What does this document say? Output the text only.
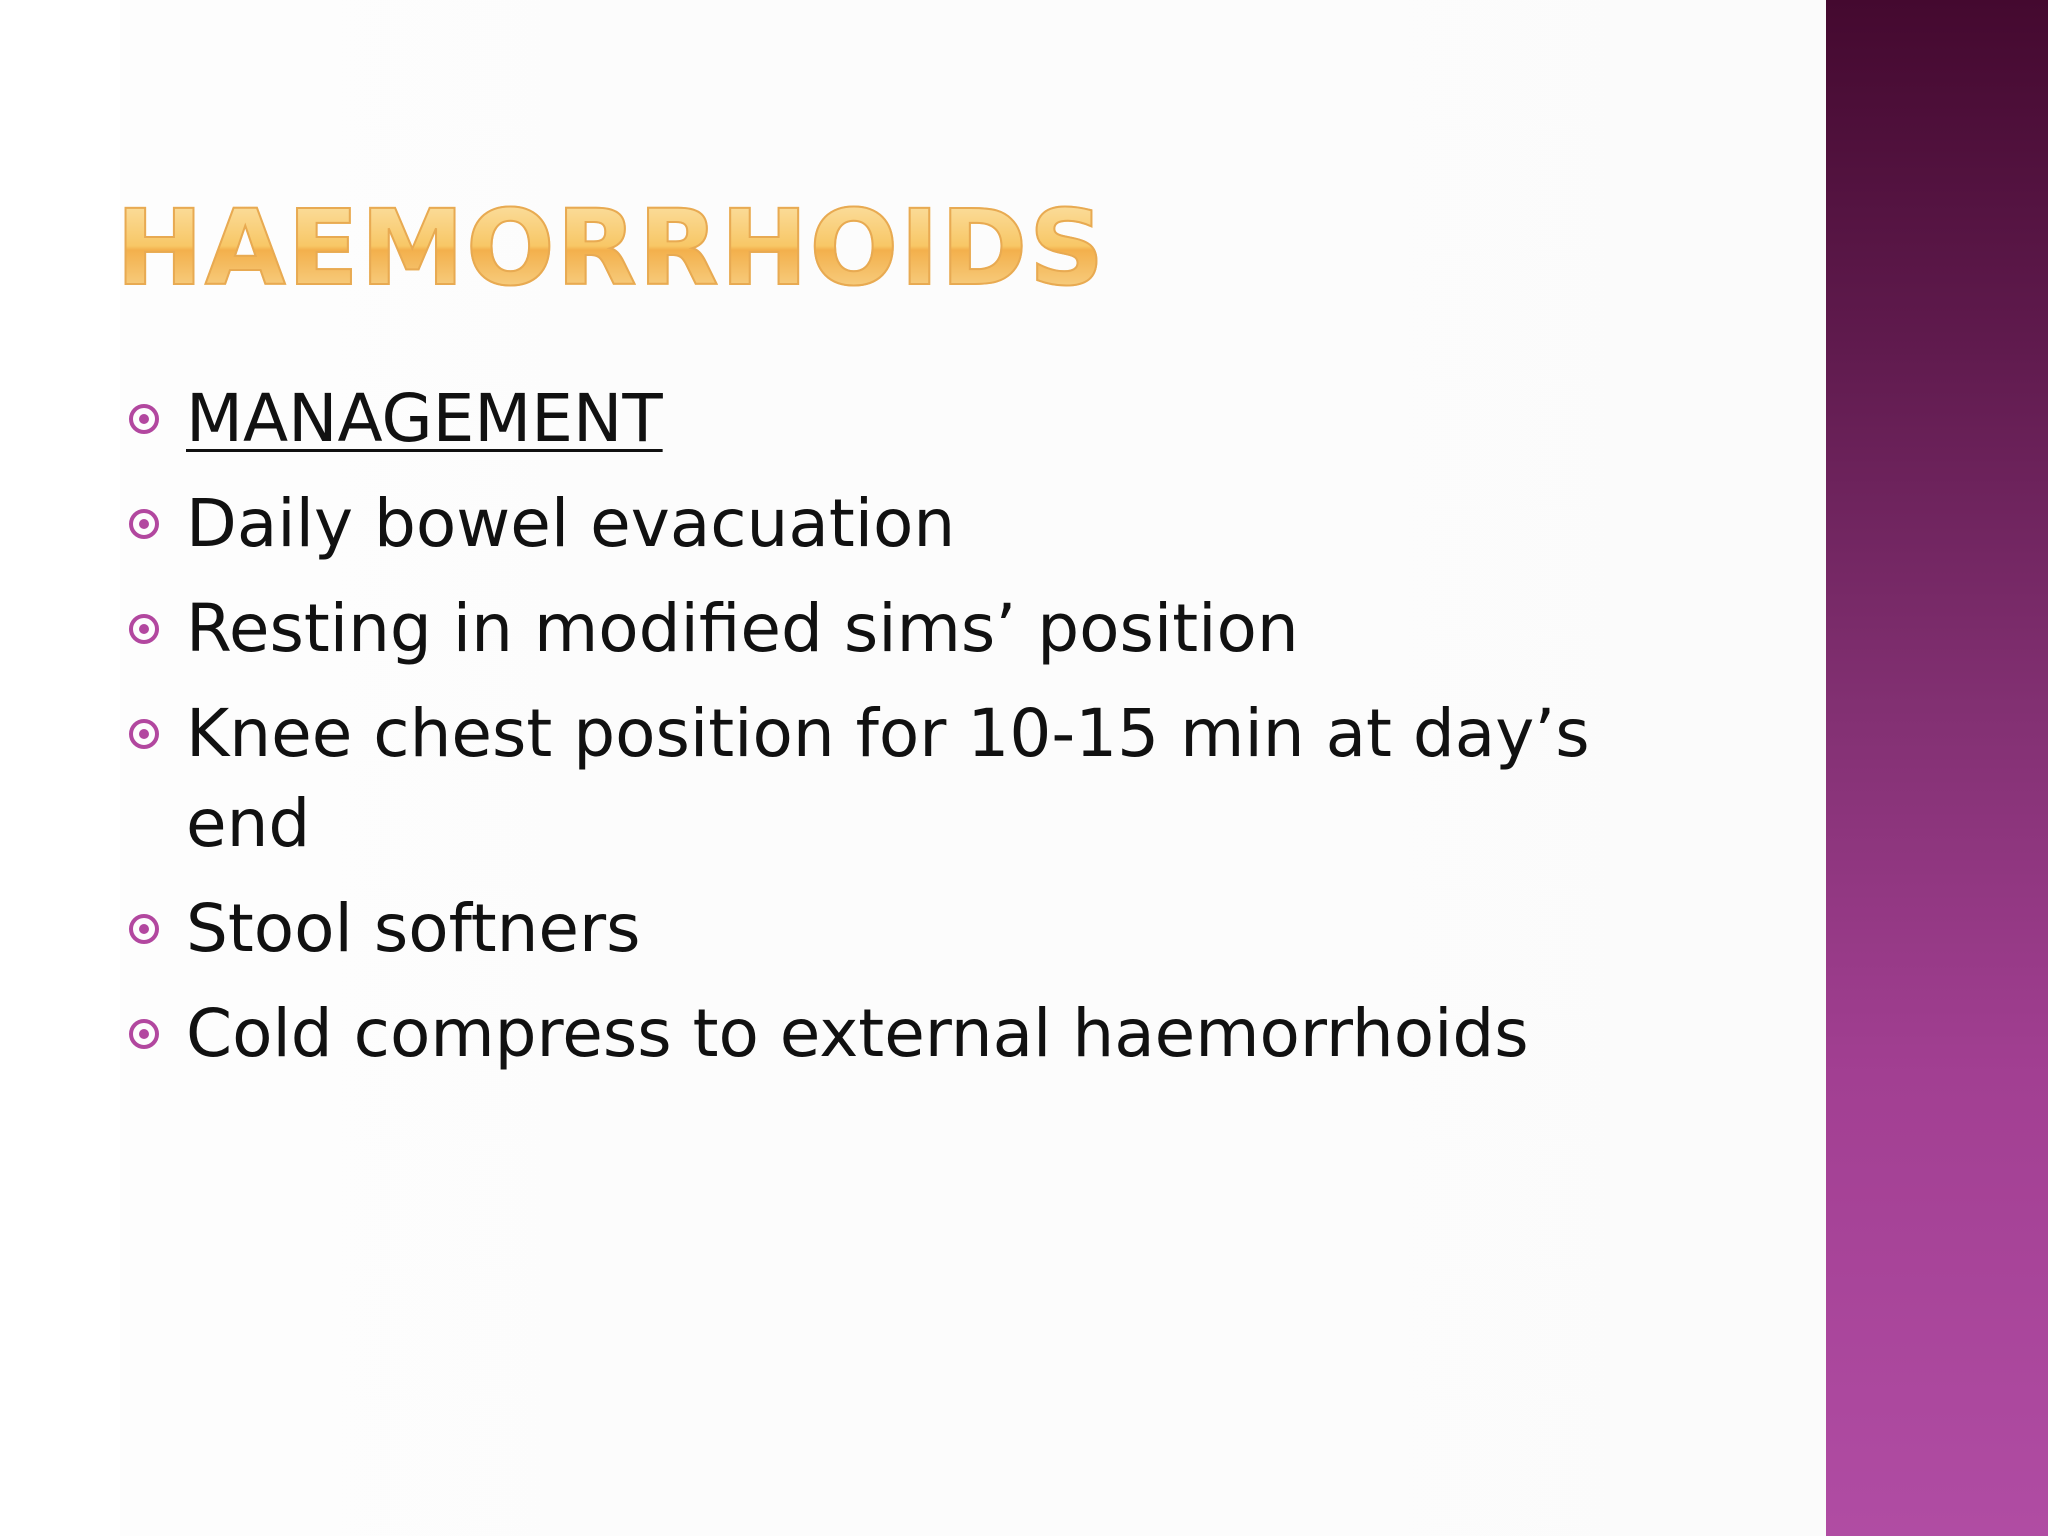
HAEMORRHOIDS
MANAGEMENT
Daily bowel evacuation
Resting in modified sims’ position
Knee chest position for 10-15 min at day’s end
Stool softners
Cold compress to external haemorrhoids
